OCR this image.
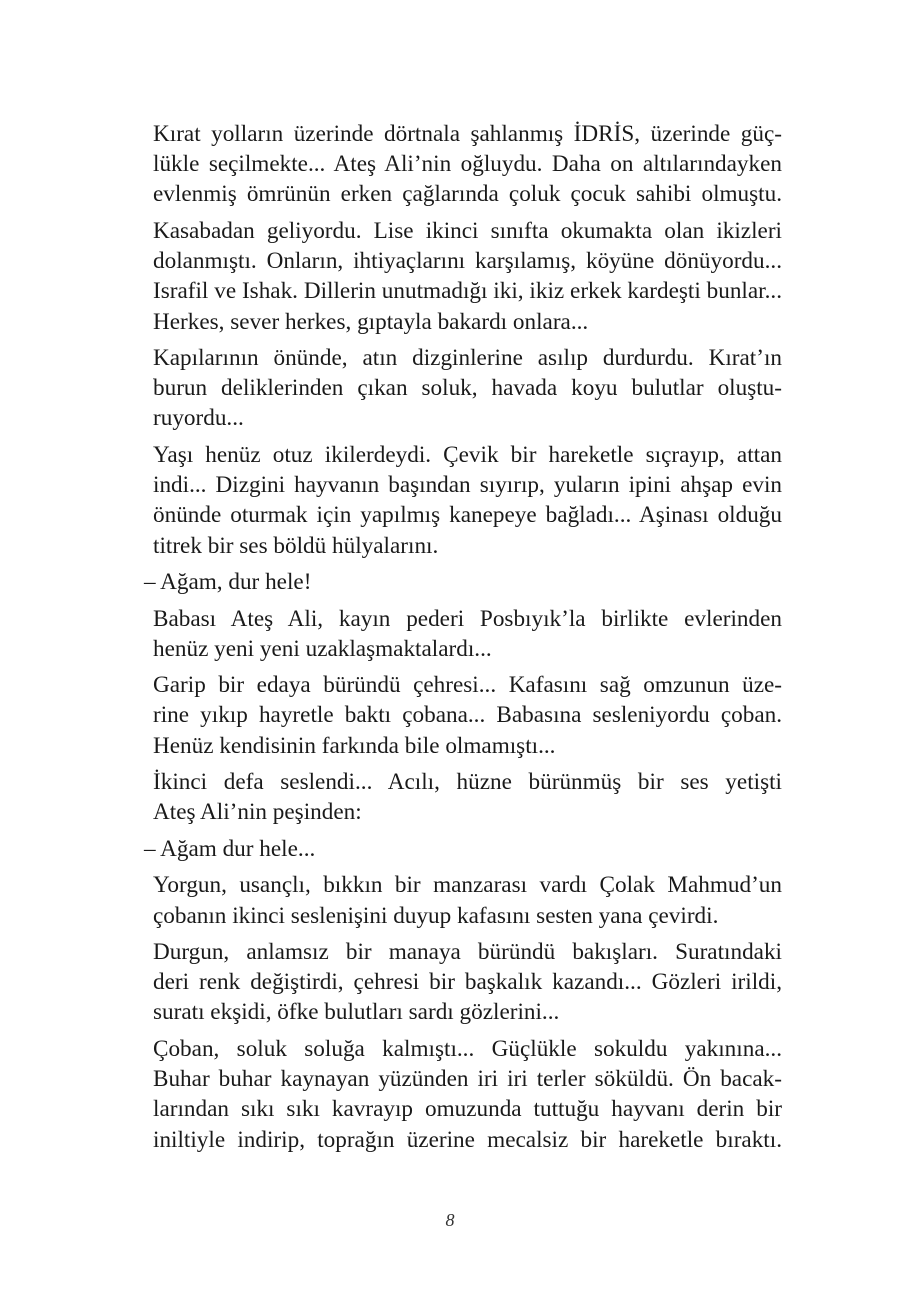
Kırat yolların üzerinde dörtnala şahlanmış İDRİS, üzerinde güç-
lükle seçilmekte... Ateş Ali’nin oğluydu. Daha on altılarındayken
evlenmiş ömrünün erken çağlarında çoluk çocuk sahibi olmuştu.

Kasabadan geliyordu. Lise ikinci sınıfta okumakta olan ikizleri
dolanmıştı. Onların, ihtiyaçlarını karşılamış, köyüne dönüyordu...
Israfil ve Ishak. Dillerin unutmadığı iki, ikiz erkek kardeşti bunlar...
Herkes, sever herkes, gıptayla bakardı onlara...

Kapılarının önünde, atın dizginlerine asılıp durdurdu. Kırat’ın
burun deliklerinden çıkan soluk, havada koyu bulutlar oluştu-
ruyordu...

Yaşı henüz otuz ikilerdeydi. Çevik bir hareketle sıçrayıp, attan
indi... Dizgini hayvanın başından sıyırıp, yuların ipini ahşap evin
önünde oturmak için yapılmış kanepeye bağladı... Aşinası olduğu
titrek bir ses böldü hülyalarını.

– Ağam, dur hele!

Babası Ateş Ali, kayın pederi Posbıyık’la birlikte evlerinden
henüz yeni yeni uzaklaşmaktalardı...

Garip bir edaya büründü çehresi... Kafasını sağ omzunun üze-
rine yıkıp hayretle baktı çobana... Babasına sesleniyordu çoban.
Henüz kendisinin farkında bile olmamıştı...

İkinci defa seslendi... Acılı, hüzne bürünmüş bir ses yetişti
Ateş Ali’nin peşinden:

– Ağam dur hele...

Yorgun, usançlı, bıkkın bir manzarası vardı Çolak Mahmud’un
çobanın ikinci seslenişini duyup kafasını sesten yana çevirdi.

Durgun, anlamsız bir manaya büründü bakışları. Suratındaki
deri renk değiştirdi, çehresi bir başkalık kazandı... Gözleri irildi,
suratı ekşidi, öfke bulutları sardı gözlerini...

Çoban, soluk soluğa kalmıştı... Güçlükle sokuldu yakınına...
Buhar buhar kaynayan yüzünden iri iri terler söküldü. Ön bacak-
larından sıkı sıkı kavrayıp omuzunda tuttuğu hayvanı derin bir
iniltiyle indirip, toprağın üzerine mecalsiz bir hareketle bıraktı.

8
